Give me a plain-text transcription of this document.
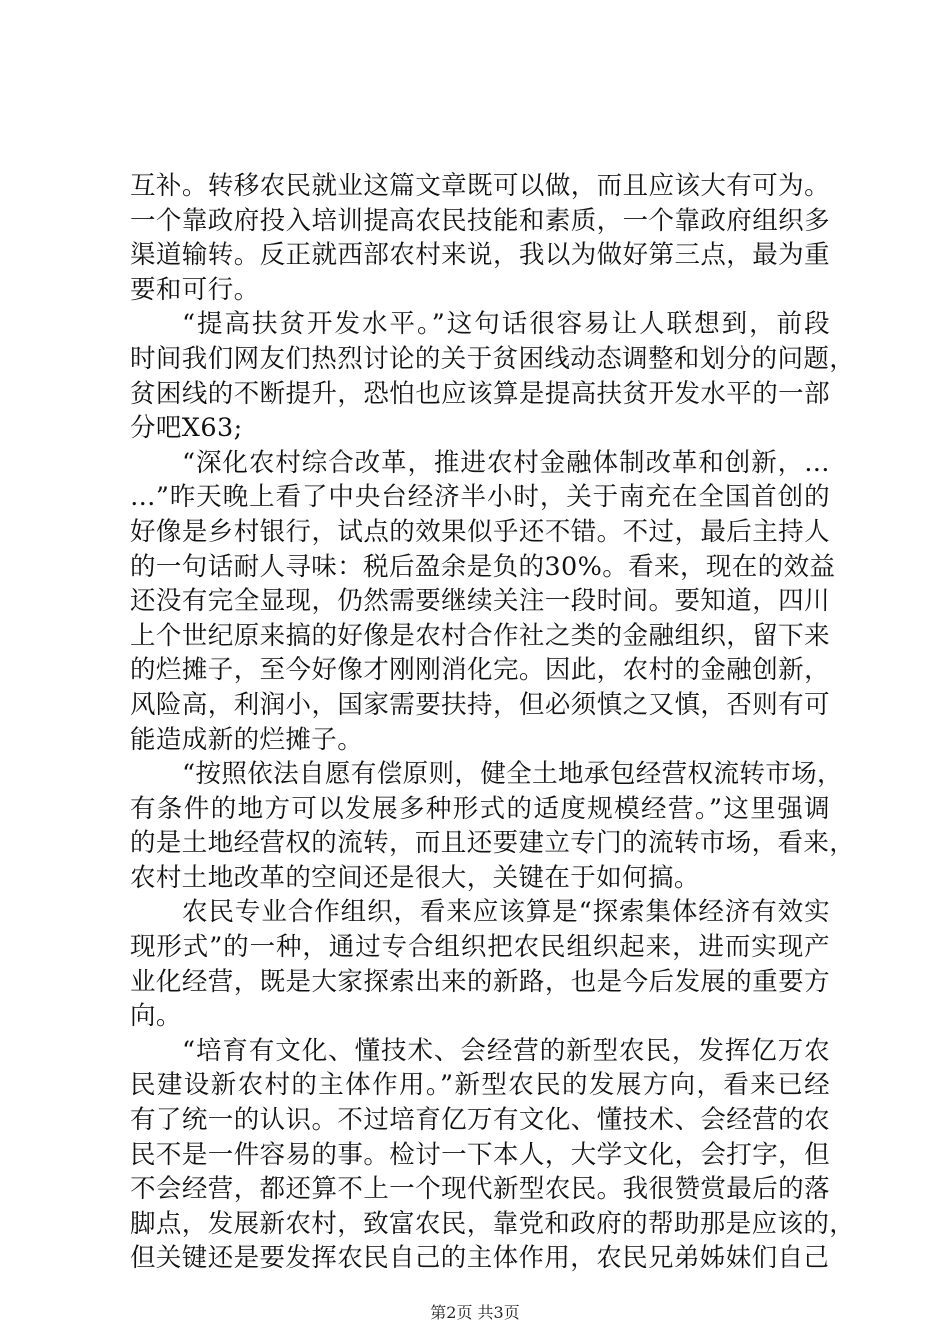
互补。转移农民就业这篇文章既可以做，而且应该大有可为。
一个靠政府投入培训提高农民技能和素质，一个靠政府组织多
渠道输转。反正就西部农村来说，我以为做好第三点，最为重
要和可行。

“提高扶贫开发水平。”这句话很容易让人联想到，前段
时间我们网友们热烈讨论的关于贫困线动态调整和划分的问题，
贫困线的不断提升，恐怕也应该算是提高扶贫开发水平的一部
分吧X63;

“深化农村综合改革，推进农村金融体制改革和创新，…
…”昨天晚上看了中央台经济半小时，关于南充在全国首创的
好像是乡村银行，试点的效果似乎还不错。不过，最后主持人
的一句话耐人寻味：税后盈余是负的30%。看来，现在的效益
还没有完全显现，仍然需要继续关注一段时间。要知道，四川
上个世纪原来搞的好像是农村合作社之类的金融组织，留下来
的烂摊子，至今好像才刚刚消化完。因此，农村的金融创新，
风险高，利润小，国家需要扶持，但必须慎之又慎，否则有可
能造成新的烂摊子。

“按照依法自愿有偿原则，健全土地承包经营权流转市场，
有条件的地方可以发展多种形式的适度规模经营。”这里强调
的是土地经营权的流转，而且还要建立专门的流转市场，看来，
农村土地改革的空间还是很大，关键在于如何搞。

农民专业合作组织，看来应该算是“探索集体经济有效实
现形式”的一种，通过专合组织把农民组织起来，进而实现产
业化经营，既是大家探索出来的新路，也是今后发展的重要方
向。

“培育有文化、懂技术、会经营的新型农民，发挥亿万农
民建设新农村的主体作用。”新型农民的发展方向，看来已经
有了统一的认识。不过培育亿万有文化、懂技术、会经营的农
民不是一件容易的事。检讨一下本人，大学文化，会打字，但
不会经营，都还算不上一个现代新型农民。我很赞赏最后的落
脚点，发展新农村，致富农民，靠党和政府的帮助那是应该的，
但关键还是要发挥农民自己的主体作用，农民兄弟姊妹们自己

第2页 共3页
